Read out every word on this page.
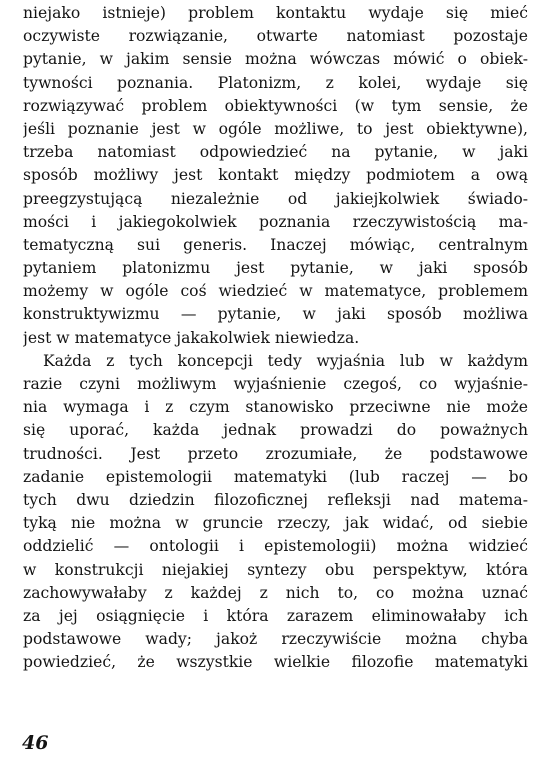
niejako istnieje) problem kontaktu wydaje się mieć
oczywiste rozwiązanie, otwarte natomiast pozostaje
pytanie, w jakim sensie można wówczas mówić o obiek-
tywności poznania. Platonizm, z kolei, wydaje się
rozwiązywać problem obiektywności (w tym sensie, że
jeśli poznanie jest w ogóle możliwe, to jest obiektywne),
trzeba natomiast odpowiedzieć na pytanie, w jaki
sposób możliwy jest kontakt między podmiotem a ową
preegzystującą niezależnie od jakiejkolwiek świado-
mości i jakiegokolwiek poznania rzeczywistością ma-
tematyczną sui generis. Inaczej mówiąc, centralnym
pytaniem platonizmu jest pytanie, w jaki sposób
możemy w ogóle coś wiedzieć w matematyce, problemem
konstruktywizmu — pytanie, w jaki sposób możliwa
jest w matematyce jakakolwiek niewiedza.
Każda z tych koncepcji tedy wyjaśnia lub w każdym
razie czyni możliwym wyjaśnienie czegoś, co wyjaśnie-
nia wymaga i z czym stanowisko przeciwne nie może
się uporać, każda jednak prowadzi do poważnych
trudności. Jest przeto zrozumiałe, że podstawowe
zadanie epistemologii matematyki (lub raczej — bo
tych dwu dziedzin filozoficznej refleksji nad matema-
tyką nie można w gruncie rzeczy, jak widać, od siebie
oddzielić — ontologii i epistemologii) można widzieć
w konstrukcji niejakiej syntezy obu perspektyw, która
zachowywałaby z każdej z nich to, co można uznać
za jej osiągnięcie i która zarazem eliminowałaby ich
podstawowe wady; jakoż rzeczywiście można chyba
powiedzieć, że wszystkie wielkie filozofie matematyki
46
